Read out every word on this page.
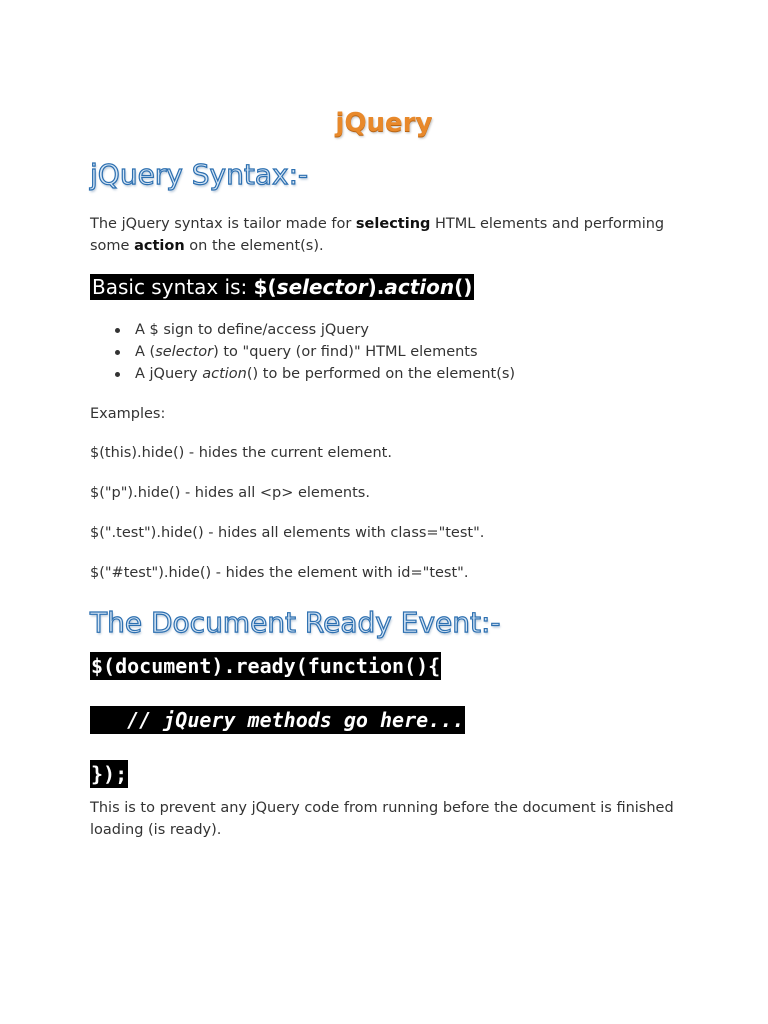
jQuery
jQuery Syntax:-

The jQuery syntax is tailor made for selecting HTML elements and performing some action on the element(s).

Basic syntax is: $(selector).action()
A $ sign to define/access jQuery
A (selector) to "query (or find)" HTML elements
A jQuery action() to be performed on the element(s)

Examples:

$(this).hide() - hides the current element.

$("p").hide() - hides all <p> elements.

$(".test").hide() - hides all elements with class="test".

$("#test").hide() - hides the element with id="test".

The Document Ready Event:-
$(document).ready(function(){
// jQuery methods go here...
});

This is to prevent any jQuery code from running before the document is finished loading (is ready).
